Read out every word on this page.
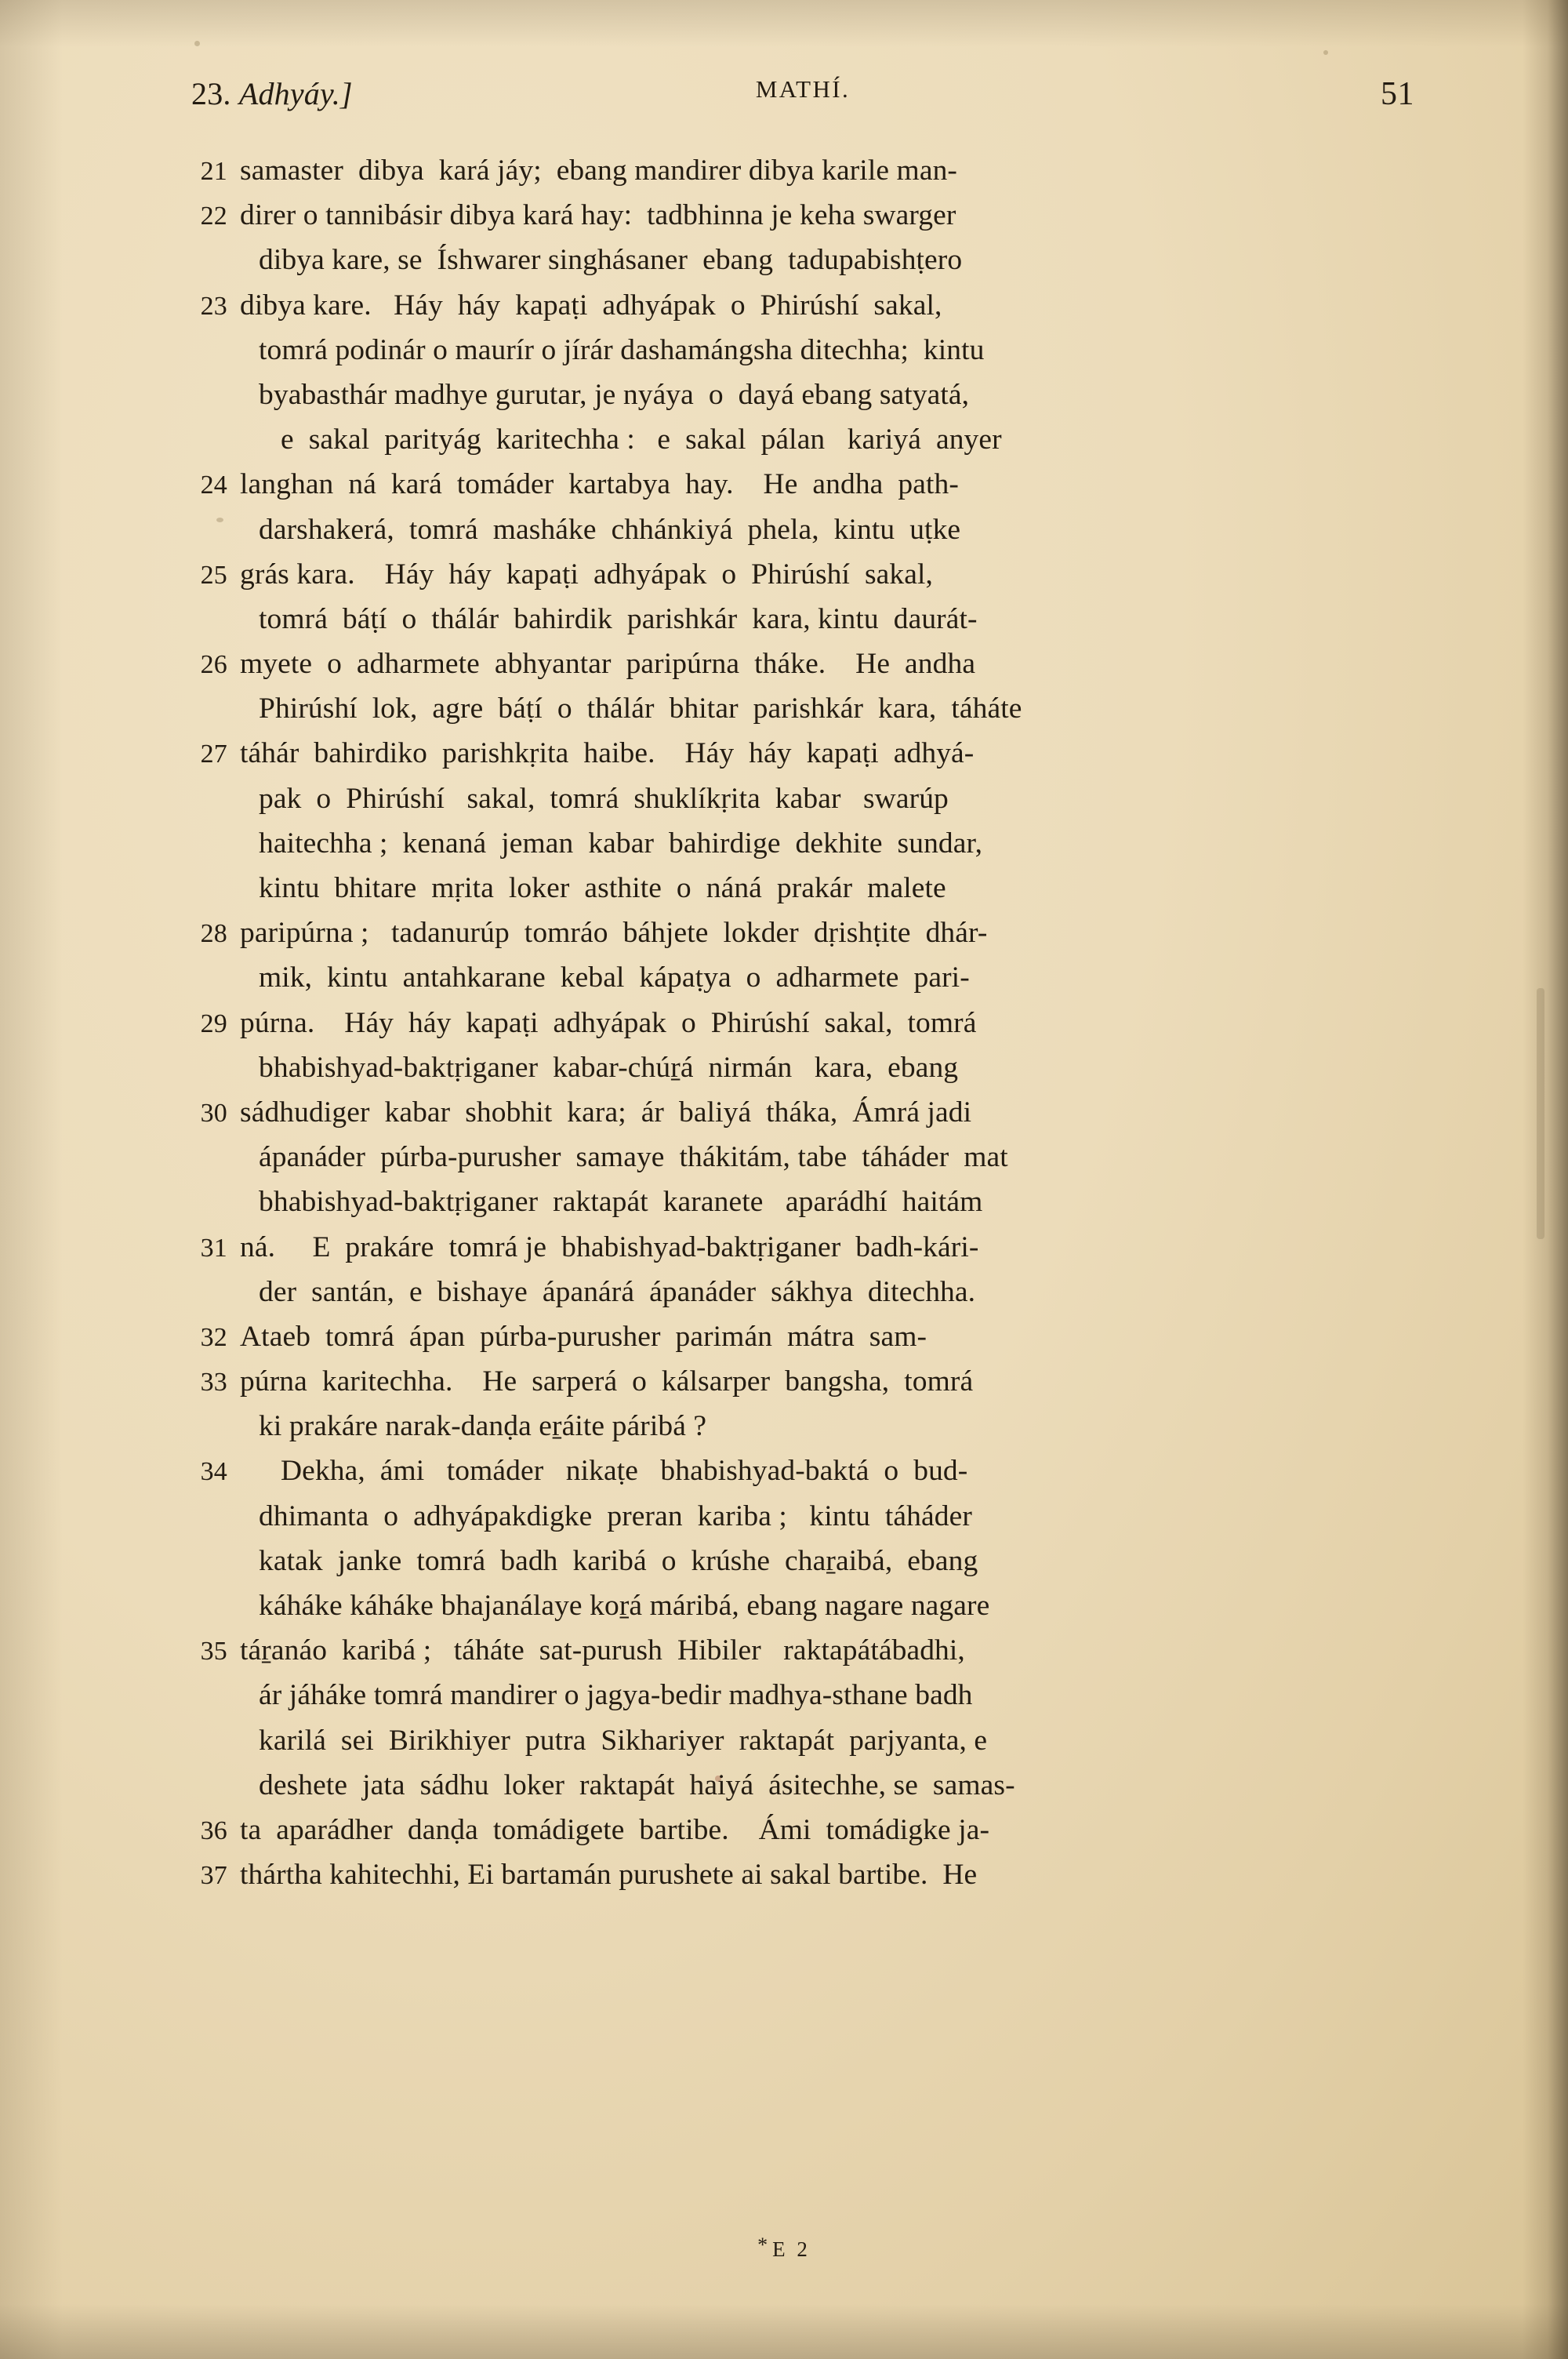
23. Adhyáy.]	MATHÍ.	51
21 samaster  dibya  kará jáy;  ebang mandirer dibya karile man-
22 direr o tannibásir dibya kará hay:  tadbhinna je keha swarger
dibya kare, se  Íshwarer singhásaner  ebang  tadupabishṭero
23 dibya kare.   Háy  háy  kapaṭi  adhyápak  o  Phirúshí  sakal,
tomrá podinár o maurír o jírár dashamángsha ditechha;  kintu
byabasthár madhye gurutar, je nyáya  o  dayá ebang satyatá,
e  sakal  parityág  karitechha :   e  sakal  pálan   kariyá  anyer
24 langhan  ná  kará  tomáder  kartabya  hay.    He  andha  path-
darshakerá,  tomrá  masháke  chhánkiyá  phela,  kintu  uṭke
25 grás kara.    Háy  háy  kapaṭi  adhyápak  o  Phirúshí  sakal,
tomrá  báṭí  o  thálár  bahirdik  parishkár  kara, kintu  daurát-
26 myete  o  adharmete  abhyantar  paripúrna  tháke.    He  andha
Phirúshí  lok,  agre  báṭí  o  thálár  bhitar  parishkár  kara,  táháte
27 táhár  bahirdiko  parishkṛita  haibe.    Háy  háy  kapaṭi  adhyá-
pak  o  Phirúshí   sakal,  tomrá  shuklíkṛita  kabar   swarúp
haitechha ;  kenaná  jeman  kabar  bahirdige  dekhite  sundar,
kintu  bhitare  mṛita  loker  asthite  o  náná  prakár  malete
28 paripúrna ;   tadanurúp  tomráo  báhjete  lokder  dṛishṭite  dhár-
mik,  kintu  antahkarane  kebal  kápaṭya  o  adharmete  pari-
29 púrna.    Háy  háy  kapaṭi  adhyápak  o  Phirúshí  sakal,  tomrá
bhabishyad-baktṛiganer  kabar-chúṟá  nirmán   kara,  ebang
30 sádhudiger  kabar  shobhit  kara;  ár  baliyá  tháka,  Ámrá jadi
ápanáder  púrba-purusher  samaye  thákitám, tabe  táháder  mat
bhabishyad-baktṛiganer  raktapát  karanete   aparádhí  haitám
31 ná.     E  prakáre  tomrá je  bhabishyad-baktṛiganer  badh-kári-
der  santán,  e  bishaye  ápanárá  ápanáder  sákhya  ditechha.
32 Ataeb  tomrá  ápan  púrba-purusher  parimán  mátra  sam-
33 púrna  karitechha.    He  sarperá  o  kálsarper  bangsha,  tomrá
ki prakáre narak-danḍa eṟáite páribá ?
34	Dekha,  ámi   tomáder   nikaṭe   bhabishyad-baktá  o  bud-
dhimanta  o  adhyápakdigke  preran  kariba ;   kintu  táháder
katak  janke  tomrá  badh  karibá  o  krúshe  chaṟaibá,  ebang
káháke káháke bhajanálaye koṟá máribá, ebang nagare nagare
35 táṟanáo  karibá ;   táháte  sat-purush  Hibiler   raktapátábadhi,
ár jáháke tomrá mandirer o jagya-bedir madhya-sthane badh
karilá  sei  Birikhiyer  putra  Sikhariyer  raktapát  parjyanta, e
deshete  jata  sádhu  loker  raktapát  haiyá  ásitechhe, se  samas-
36 ta  aparádher  danḍa  tomádigete  bartibe.    Ámi  tomádigke ja-
37 thártha kahitechhi, Ei bartamán purushete ai sakal bartibe.  He
* E 2
